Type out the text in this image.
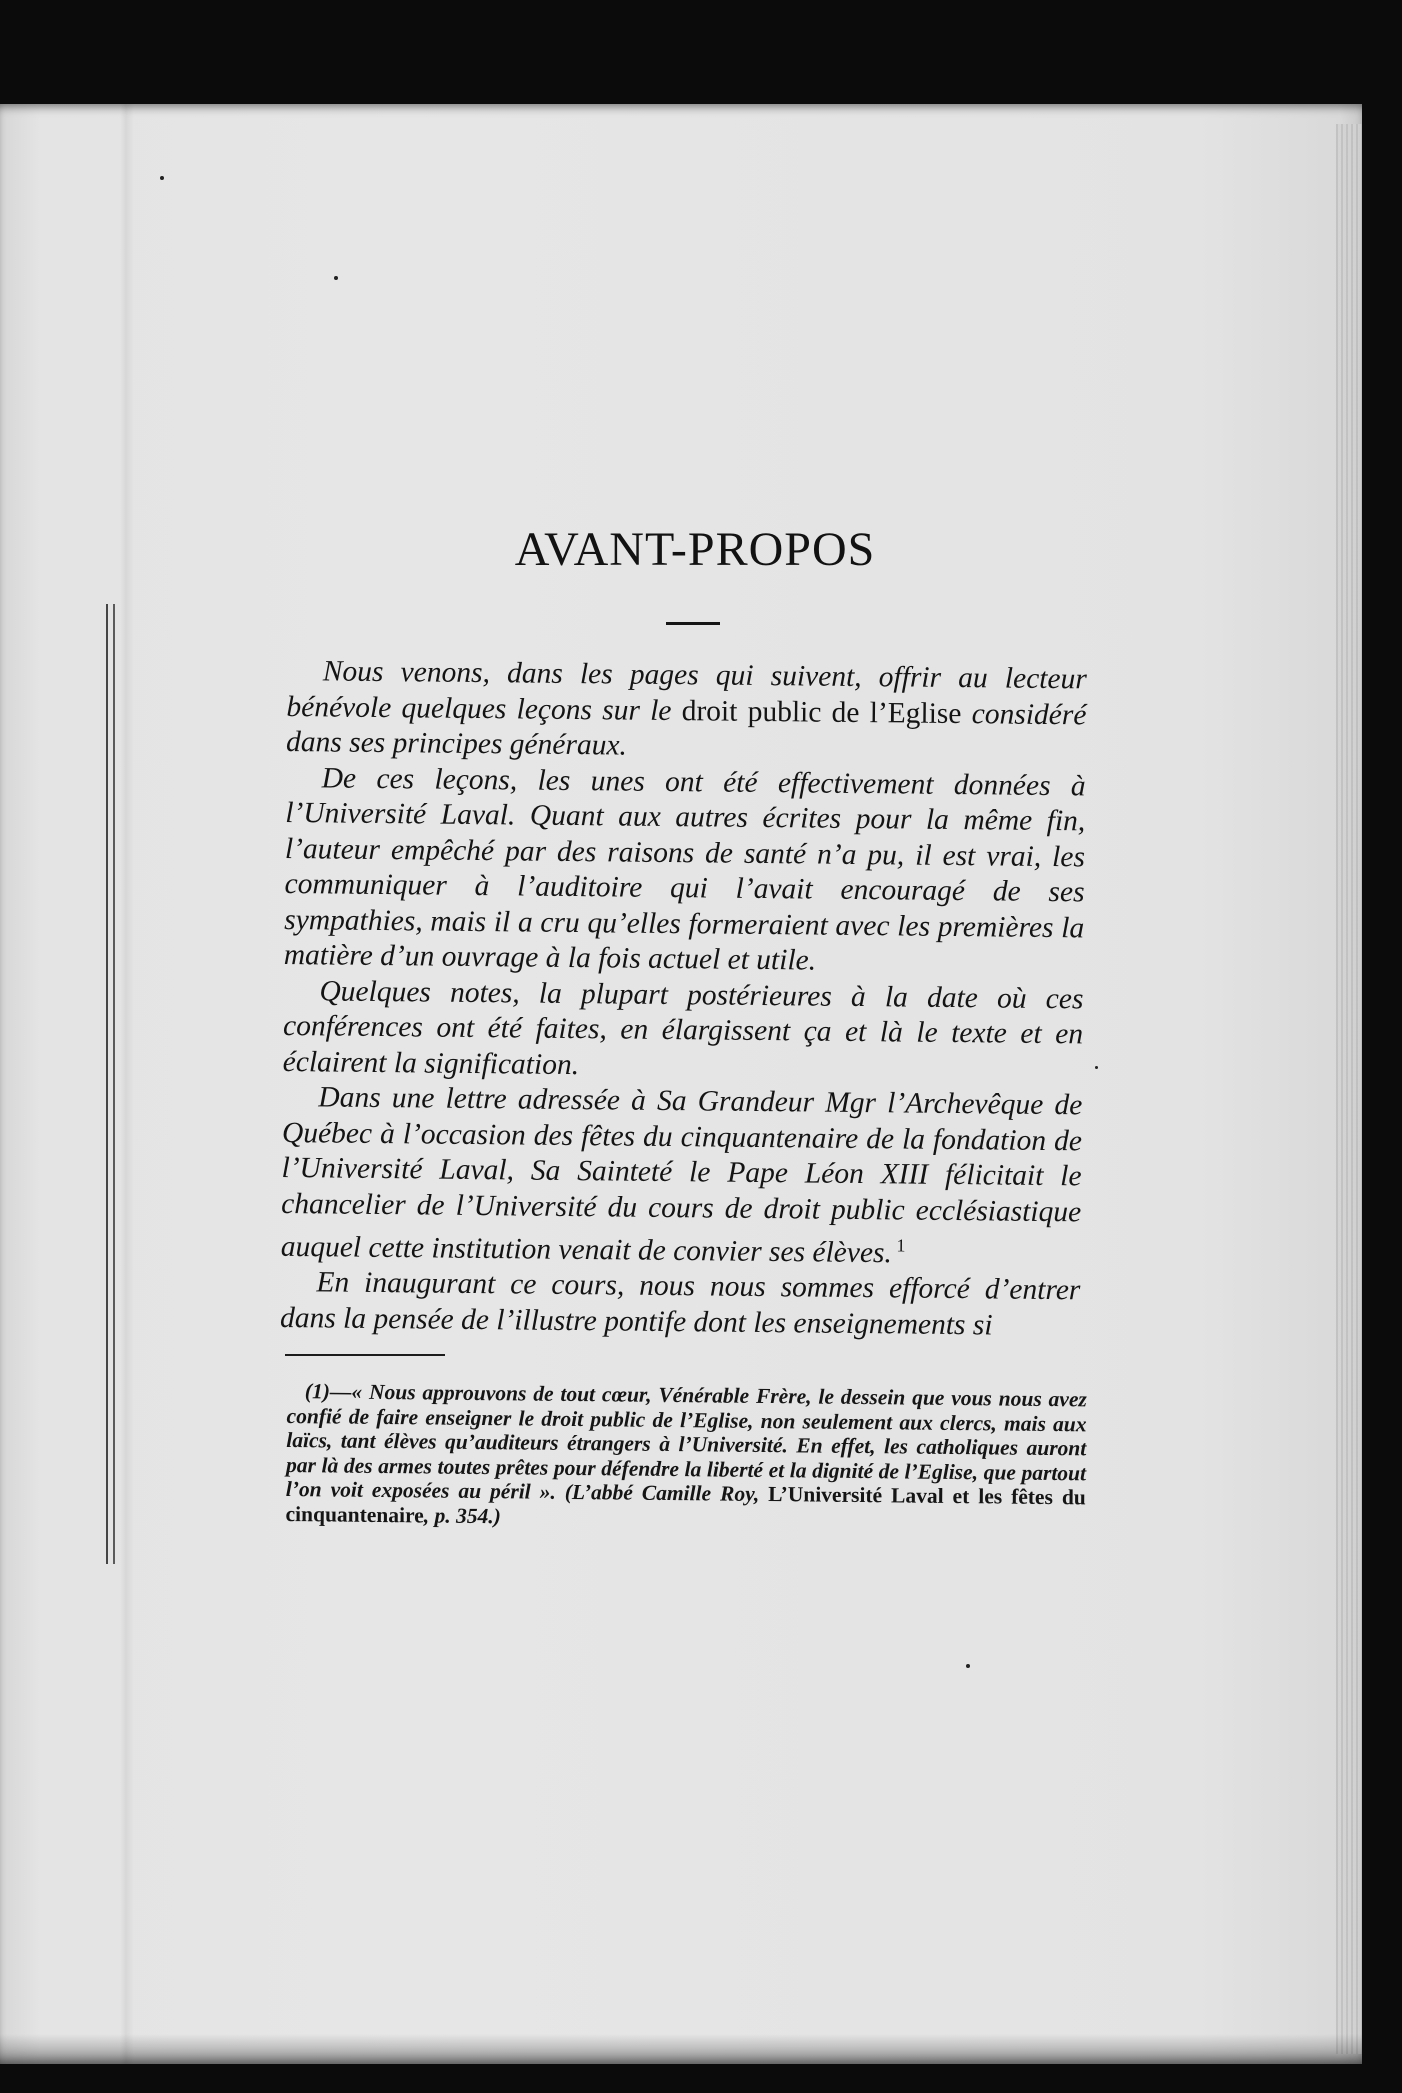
AVANT-PROPOS

Nous venons, dans les pages qui suivent, offrir au lecteur bénévole quelques leçons sur le droit public de l’Eglise considéré dans ses principes généraux.

De ces leçons, les unes ont été effectivement données à l’Université Laval. Quant aux autres écrites pour la même fin, l’auteur empêché par des raisons de santé n’a pu, il est vrai, les communiquer à l’auditoire qui l’avait encouragé de ses sympathies, mais il a cru qu’elles formeraient avec les premières la matière d’un ouvrage à la fois actuel et utile.

Quelques notes, la plupart postérieures à la date où ces conférences ont été faites, en élargissent ça et là le texte et en éclairent la signification.

Dans une lettre adressée à Sa Grandeur Mgr l’Archevêque de Québec à l’occasion des fêtes du cinquantenaire de la fondation de l’Université Laval, Sa Sainteté le Pape Léon XIII félicitait le chancelier de l’Université du cours de droit public ecclésiastique auquel cette institution venait de convier ses élèves. $^1$

En inaugurant ce cours, nous nous sommes efforcé d’entrer dans la pensée de l’illustre pontife dont les enseignements si

(1)—« Nous approuvons de tout cœur, Vénérable Frère, le dessein que vous nous avez confié de faire enseigner le droit public de l’Eglise, non seulement aux clercs, mais aux laïcs, tant élèves qu’auditeurs étrangers à l’Université. En effet, les catholiques auront par là des armes toutes prêtes pour défendre la liberté et la dignité de l’Eglise, que partout l’on voit exposées au péril ». (L’abbé Camille Roy, L’Université Laval et les fêtes du cinquantenaire, p. 354.)
